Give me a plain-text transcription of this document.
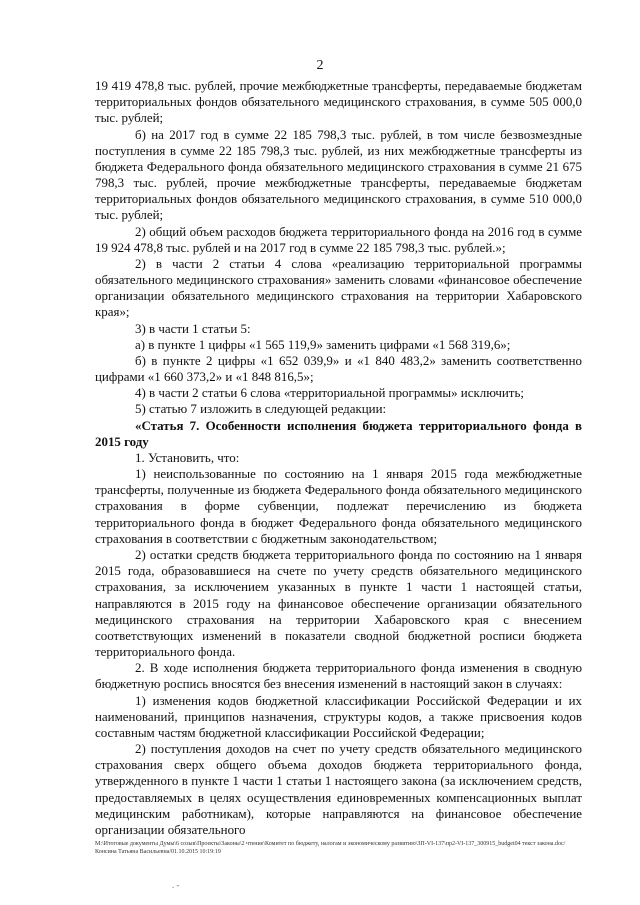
2

19 419 478,8 тыс. рублей, прочие межбюджетные трансферты, передаваемые бюджетам территориальных фондов обязательного медицинского страхования, в сумме 505 000,0 тыс. рублей;

б) на 2017 год в сумме 22 185 798,3 тыс. рублей, в том числе безвозмездные поступления в сумме 22 185 798,3 тыс. рублей, из них межбюджетные трансферты из бюджета Федерального фонда обязательного медицинского страхования в сумме 21 675 798,3 тыс. рублей, прочие межбюджетные трансферты, передаваемые бюджетам территориальных фондов обязательного медицинского страхования, в сумме 510 000,0 тыс. рублей;

2) общий объем расходов бюджета территориального фонда на 2016 год в сумме 19 924 478,8 тыс. рублей и на 2017 год в сумме 22 185 798,3 тыс. рублей.»;

2) в части 2 статьи 4 слова «реализацию территориальной программы обязательного медицинского страхования» заменить словами «финансовое обеспечение организации обязательного медицинского страхования на территории Хабаровского края»;

3) в части 1 статьи 5:

а) в пункте 1 цифры «1 565 119,9» заменить цифрами «1 568 319,6»;

б) в пункте 2 цифры «1 652 039,9» и «1 840 483,2» заменить соответственно цифрами «1 660 373,2» и «1 848 816,5»;

4) в части 2 статьи 6 слова «территориальной программы» исключить;

5) статью 7 изложить в следующей редакции:

«Статья 7. Особенности исполнения бюджета территориального фонда в 2015 году

1. Установить, что:

1) неиспользованные по состоянию на 1 января 2015 года межбюджетные трансферты, полученные из бюджета Федерального фонда обязательного медицинского страхования в форме субвенции, подлежат перечислению из бюджета территориального фонда в бюджет Федерального фонда обязательного медицинского страхования в соответствии с бюджетным законодательством;

2) остатки средств бюджета территориального фонда по состоянию на 1 января 2015 года, образовавшиеся на счете по учету средств обязательного медицинского страхования, за исключением указанных в пункте 1 части 1 настоящей статьи, направляются в 2015 году на финансовое обеспечение организации обязательного медицинского страхования на территории Хабаровского края с внесением соответствующих изменений в показатели сводной бюджетной росписи бюджета территориального фонда.

2. В ходе исполнения бюджета территориального фонда изменения в сводную бюджетную роспись вносятся без внесения изменений в настоящий закон в случаях:

1) изменения кодов бюджетной классификации Российской Федерации и их наименований, принципов назначения, структуры кодов, а также присвоения кодов составным частям бюджетной классификации Российской Федерации;

2) поступления доходов на счет по учету средств обязательного медицинского страхования сверх общего объема доходов бюджета территориального фонда, утвержденного в пункте 1 части 1 статьи 1 настоящего закона (за исключением средств, предоставляемых в целях осуществления единовременных компенсационных выплат медицинским работникам), которые направляются на финансовое обеспечение организации обязательного

М:\Итоговые документы Думы\6 созыв\Проекты\Законы\2 чтение\Комитет по бюджету, налогам и экономическому развитию\ЗП-VI-137\пр2-VI-137_300915_budget04 текст закона.doc/Консина Татьяна Васильевна/01.10.2015 10:19:19
. -
